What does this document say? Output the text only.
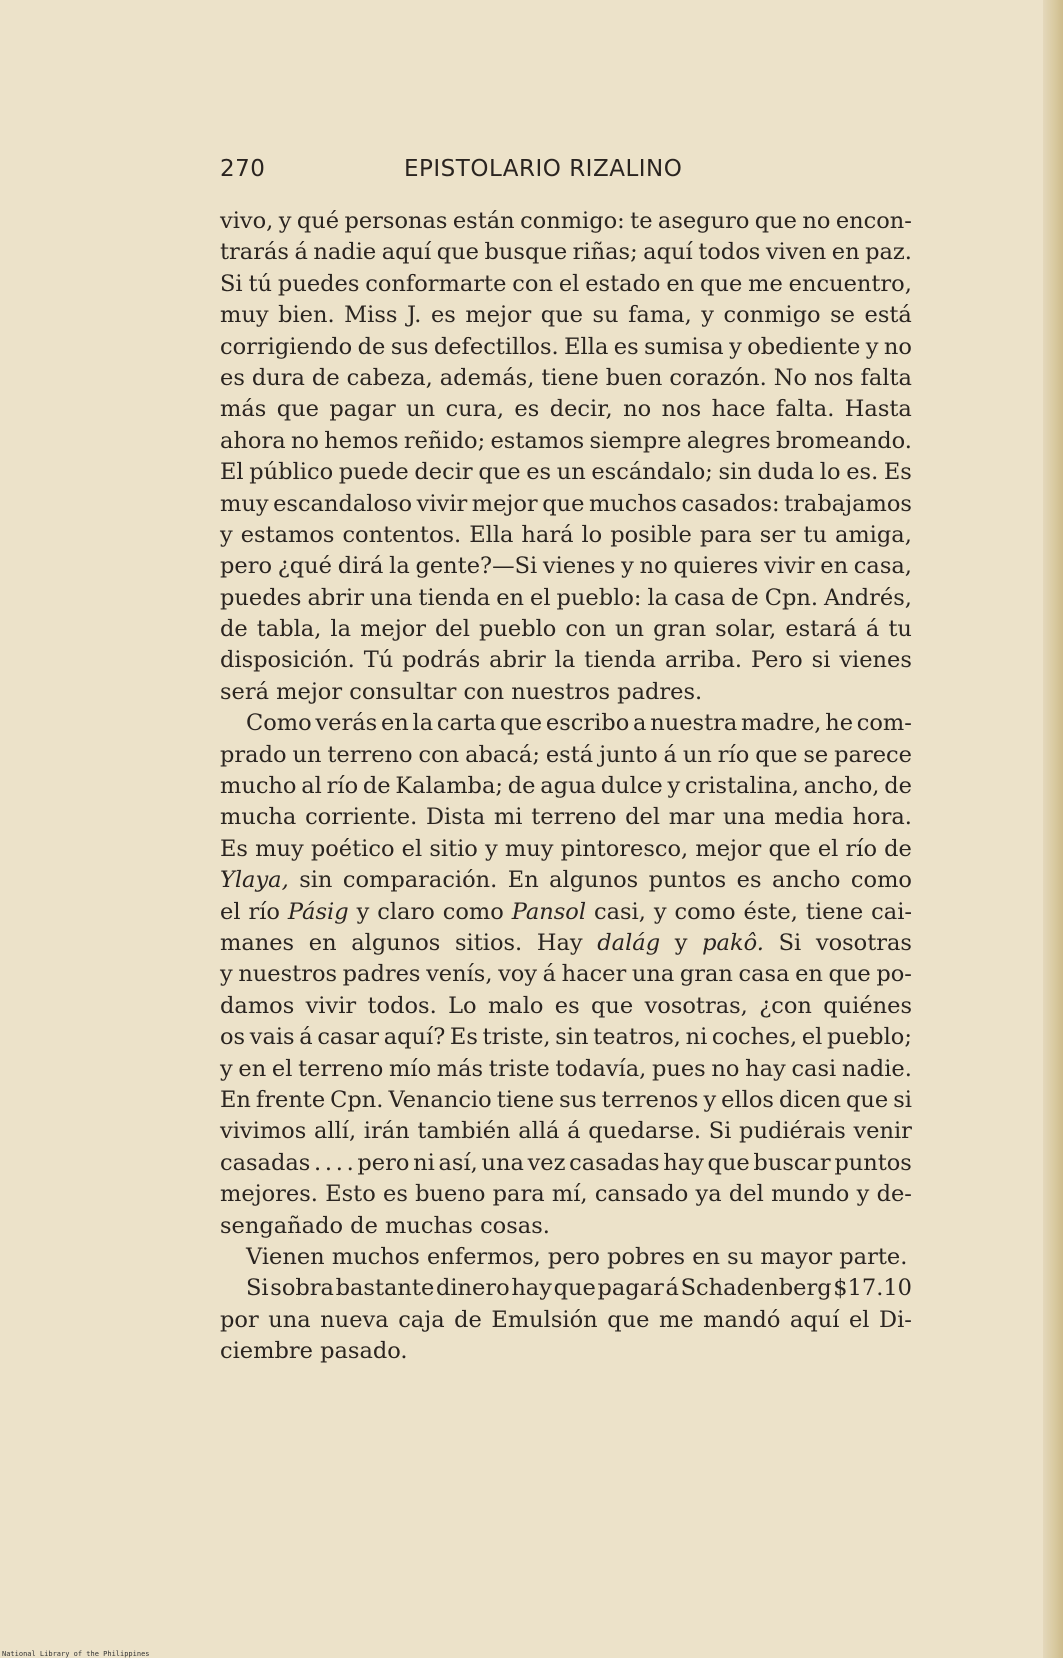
270	EPISTOLARIO RIZALINO
vivo, y qué personas están conmigo: te aseguro que no encon-
trarás á nadie aquí que busque riñas; aquí todos viven en paz.
Si tú puedes conformarte con el estado en que me encuentro,
muy bien. Miss J. es mejor que su fama, y conmigo se está
corrigiendo de sus defectillos. Ella es sumisa y obediente y no
es dura de cabeza, además, tiene buen corazón. No nos falta
más que pagar un cura, es decir, no nos hace falta. Hasta
ahora no hemos reñido; estamos siempre alegres bromeando.
El público puede decir que es un escándalo; sin duda lo es. Es
muy escandaloso vivir mejor que muchos casados: trabajamos
y estamos contentos. Ella hará lo posible para ser tu amiga,
pero ¿qué dirá la gente?—Si vienes y no quieres vivir en casa,
puedes abrir una tienda en el pueblo: la casa de Cpn. Andrés,
de tabla, la mejor del pueblo con un gran solar, estará á tu
disposición. Tú podrás abrir la tienda arriba. Pero si vienes
será mejor consultar con nuestros padres.
Como verás en la carta que escribo a nuestra madre, he com-
prado un terreno con abacá; está junto á un río que se parece
mucho al río de Kalamba; de agua dulce y cristalina, ancho, de
mucha corriente. Dista mi terreno del mar una media hora.
Es muy poético el sitio y muy pintoresco, mejor que el río de
Ylaya, sin comparación. En algunos puntos es ancho como
el río Pásig y claro como Pansol casi, y como éste, tiene cai-
manes en algunos sitios. Hay dalág y pakô. Si vosotras
y nuestros padres venís, voy á hacer una gran casa en que po-
damos vivir todos. Lo malo es que vosotras, ¿con quiénes
os vais á casar aquí? Es triste, sin teatros, ni coches, el pueblo;
y en el terreno mío más triste todavía, pues no hay casi nadie.
En frente Cpn. Venancio tiene sus terrenos y ellos dicen que si
vivimos allí, irán también allá á quedarse. Si pudiérais venir
casadas . . . . pero ni así, una vez casadas hay que buscar puntos
mejores. Esto es bueno para mí, cansado ya del mundo y de-
sengañado de muchas cosas.
Vienen muchos enfermos, pero pobres en su mayor parte.
Si sobra bastante dinero hay que pagar á Schadenberg $17.10
por una nueva caja de Emulsión que me mandó aquí el Di-
ciembre pasado.
National Library of the Philippines
